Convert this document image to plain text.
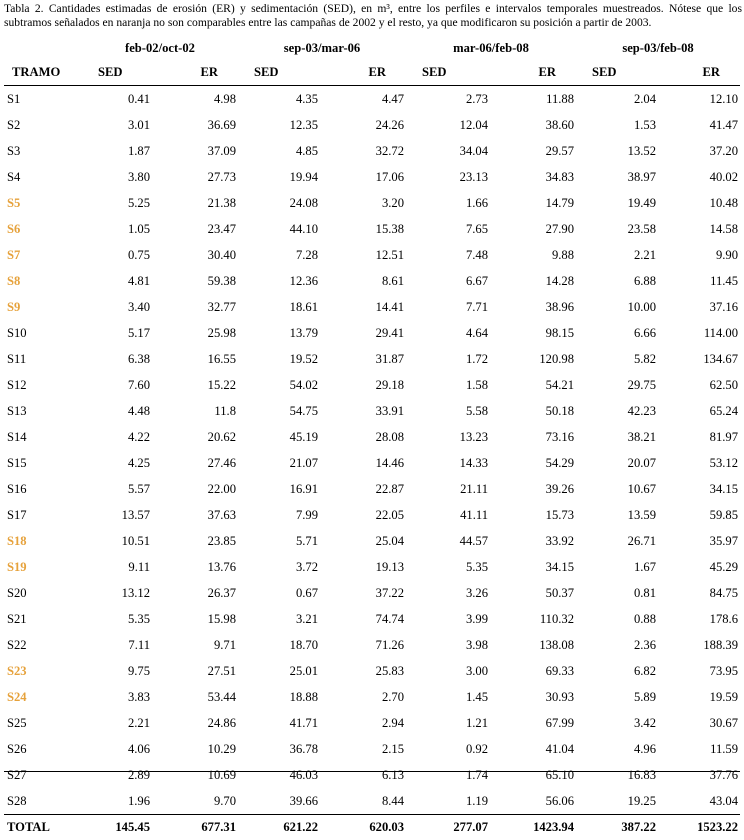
Tabla 2. Cantidades estimadas de erosión (ER) y sedimentación (SED), en m³, entre los perfiles e intervalos temporales muestreados. Nótese que los subtramos señalados en naranja no son comparables entre las campañas de 2002 y el resto, ya que modificaron su posición a partir de 2003.
	feb-02/oct-02		sep-03/mar-06		mar-06/feb-08		sep-03/feb-08	
TRAMO	SED	ER	SED	ER	SED	ER	SED	ER
S1	0.41	4.98	4.35	4.47	2.73	11.88	2.04	12.10
S2	3.01	36.69	12.35	24.26	12.04	38.60	1.53	41.47
S3	1.87	37.09	4.85	32.72	34.04	29.57	13.52	37.20
S4	3.80	27.73	19.94	17.06	23.13	34.83	38.97	40.02
S5	5.25	21.38	24.08	3.20	1.66	14.79	19.49	10.48
S6	1.05	23.47	44.10	15.38	7.65	27.90	23.58	14.58
S7	0.75	30.40	7.28	12.51	7.48	9.88	2.21	9.90
S8	4.81	59.38	12.36	8.61	6.67	14.28	6.88	11.45
S9	3.40	32.77	18.61	14.41	7.71	38.96	10.00	37.16
S10	5.17	25.98	13.79	29.41	4.64	98.15	6.66	114.00
S11	6.38	16.55	19.52	31.87	1.72	120.98	5.82	134.67
S12	7.60	15.22	54.02	29.18	1.58	54.21	29.75	62.50
S13	4.48	11.8	54.75	33.91	5.58	50.18	42.23	65.24
S14	4.22	20.62	45.19	28.08	13.23	73.16	38.21	81.97
S15	4.25	27.46	21.07	14.46	14.33	54.29	20.07	53.12
S16	5.57	22.00	16.91	22.87	21.11	39.26	10.67	34.15
S17	13.57	37.63	7.99	22.05	41.11	15.73	13.59	59.85
S18	10.51	23.85	5.71	25.04	44.57	33.92	26.71	35.97
S19	9.11	13.76	3.72	19.13	5.35	34.15	1.67	45.29
S20	13.12	26.37	0.67	37.22	3.26	50.37	0.81	84.75
S21	5.35	15.98	3.21	74.74	3.99	110.32	0.88	178.6
S22	7.11	9.71	18.70	71.26	3.98	138.08	2.36	188.39
S23	9.75	27.51	25.01	25.83	3.00	69.33	6.82	73.95
S24	3.83	53.44	18.88	2.70	1.45	30.93	5.89	19.59
S25	2.21	24.86	41.71	2.94	1.21	67.99	3.42	30.67
S26	4.06	10.29	36.78	2.15	0.92	41.04	4.96	11.59
S27	2.89	10.69	46.03	6.13	1.74	65.10	16.83	37.76
S28	1.96	9.70	39.66	8.44	1.19	56.06	19.25	43.04
TOTAL	145.45	677.31	621.22	620.03	277.07	1423.94	387.22	1523.22
